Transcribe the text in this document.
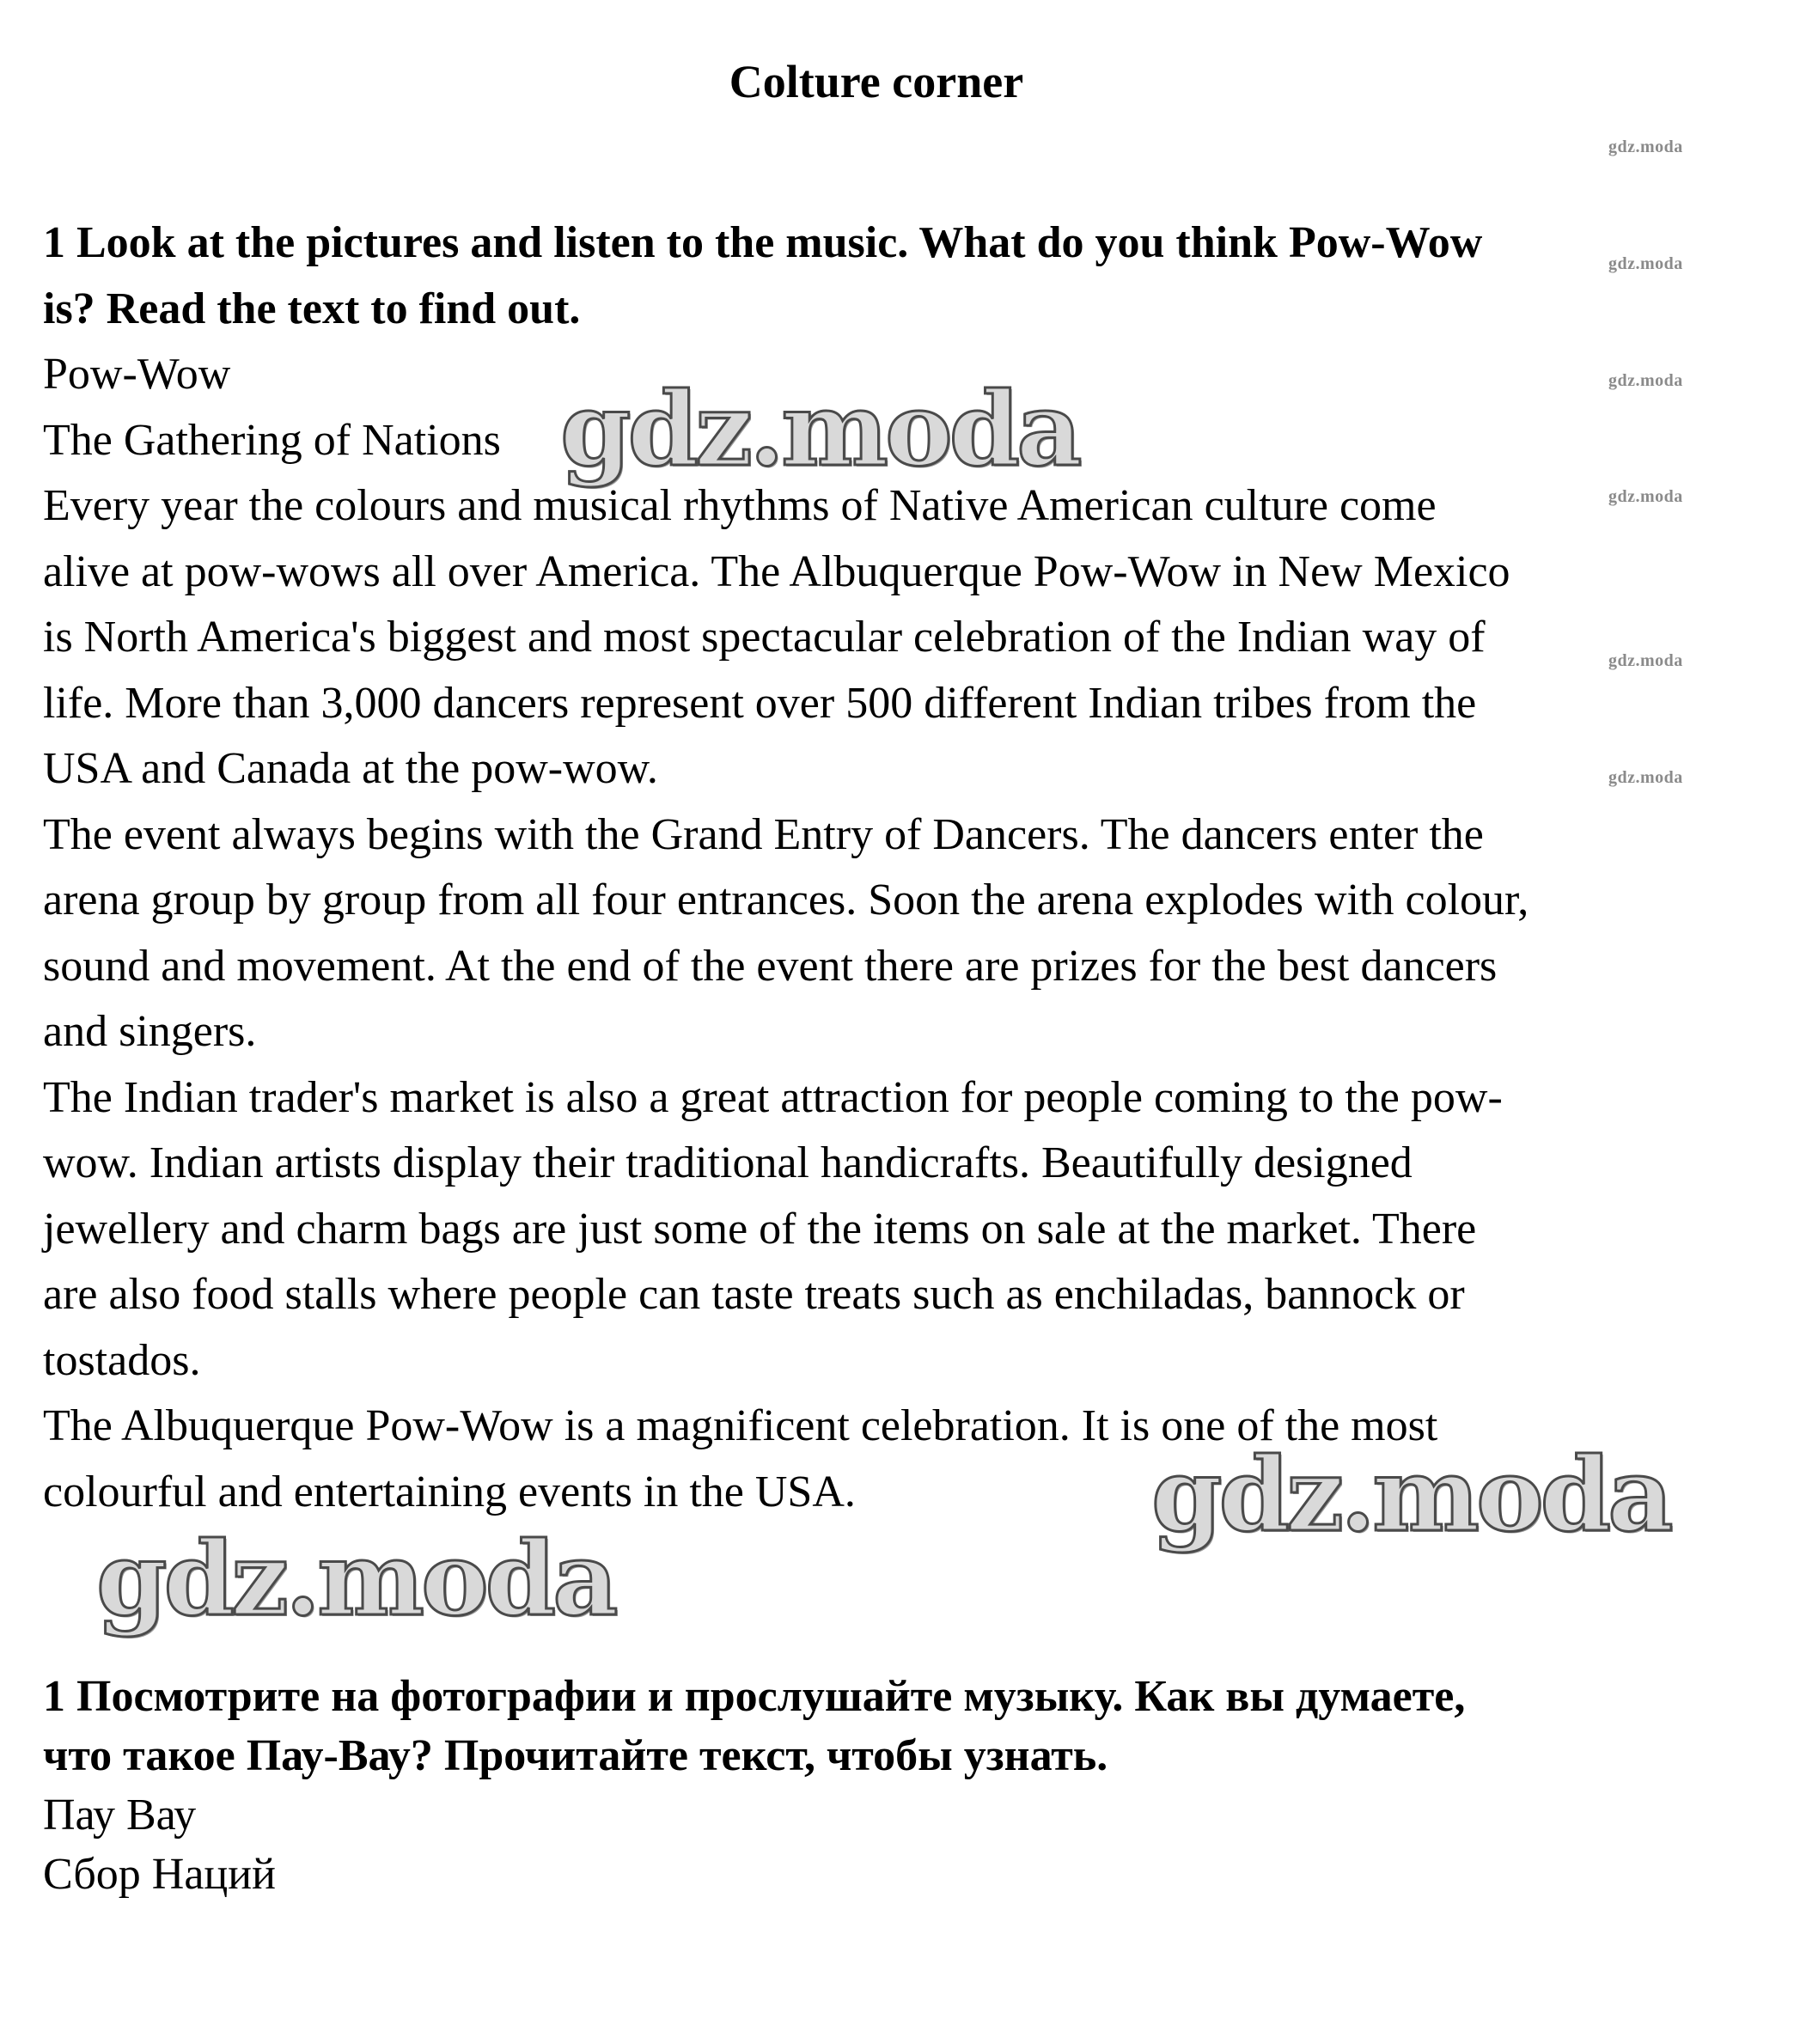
Colture corner
1 Look at the pictures and listen to the music. What do you think Pow-Wow
is? Read the text to find out.
Pow-Wow
The Gathering of Nations
Every year the colours and musical rhythms of Native American culture come
alive at pow-wows all over America. The Albuquerque Pow-Wow in New Mexico
is North America's biggest and most spectacular celebration of the Indian way of
life. More than 3,000 dancers represent over 500 different Indian tribes from the
USA and Canada at the pow-wow.
The event always begins with the Grand Entry of Dancers. The dancers enter the
arena group by group from all four entrances. Soon the arena explodes with colour,
sound and movement. At the end of the event there are prizes for the best dancers
and singers.
The Indian trader's market is also a great attraction for people coming to the pow-
wow. Indian artists display their traditional handicrafts. Beautifully designed
jewellery and charm bags are just some of the items on sale at the market. There
are also food stalls where people can taste treats such as enchiladas, bannock or
tostados.
The Albuquerque Pow-Wow is a magnificent celebration. It is one of the most
colourful and entertaining events in the USA.
1 Посмотрите на фотографии и прослушайте музыку. Как вы думаете,
что такое Пау-Вау? Прочитайте текст, чтобы узнать.
Пау Вау
Сбор Наций
gdz.moda
gdz.moda
gdz.moda
gdz.moda
gdz.moda
gdz.moda
gdz.moda
gdz.moda
gdz.moda
